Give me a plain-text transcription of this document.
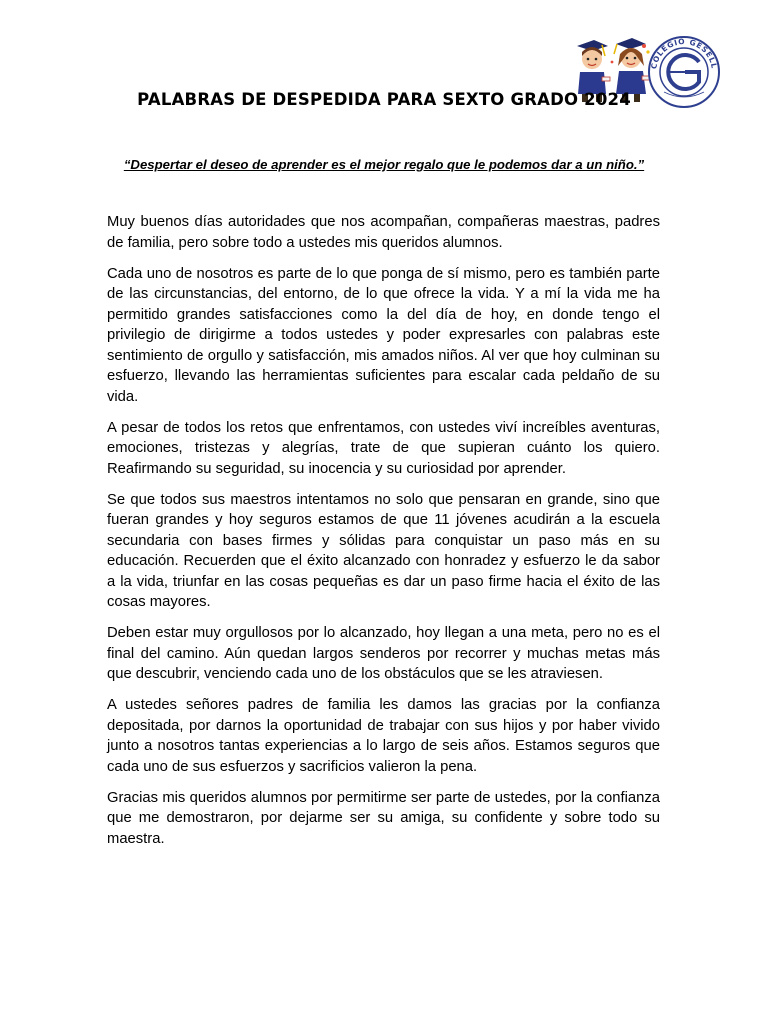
COLEGIO GESELL
PALABRAS DE DESPEDIDA PARA SEXTO GRADO 2024

“Despertar el deseo de aprender es el mejor regalo que le podemos dar a un niño.”

Muy buenos días autoridades que nos acompañan, compañeras maestras, padres de familia, pero sobre todo a ustedes mis queridos alumnos.

Cada uno de nosotros es parte de lo que ponga de sí mismo, pero es también parte de las circunstancias, del entorno, de lo que ofrece la vida. Y a mí la vida me ha permitido grandes satisfacciones como la del día de hoy, en donde tengo el privilegio de dirigirme a todos ustedes y poder expresarles con palabras este sentimiento de orgullo y satisfacción, mis amados niños. Al ver que hoy culminan su esfuerzo, llevando las herramientas suficientes para escalar cada peldaño de su vida.

A pesar de todos los retos que enfrentamos, con ustedes viví increíbles aventuras, emociones, tristezas y alegrías, trate de que supieran cuánto los quiero. Reafirmando su seguridad, su inocencia y su curiosidad por aprender.

Se que todos sus maestros intentamos no solo que pensaran en grande, sino que fueran grandes y hoy seguros estamos de que 11 jóvenes acudirán a la escuela secundaria con bases firmes y sólidas para conquistar un paso más en su educación. Recuerden que el éxito alcanzado con honradez y esfuerzo le da sabor a la vida, triunfar en las cosas pequeñas es dar un paso firme hacia el éxito de las cosas mayores.

Deben estar muy orgullosos por lo alcanzado, hoy llegan a una meta, pero no es el final del camino. Aún quedan largos senderos por recorrer y muchas metas más que descubrir, venciendo cada uno de los obstáculos que se les atraviesen.

A ustedes señores padres de familia les damos las gracias por la confianza depositada, por darnos la oportunidad de trabajar con sus hijos y por haber vivido junto a nosotros tantas experiencias a lo largo de seis años. Estamos seguros que cada uno de sus esfuerzos y sacrificios valieron la pena.

Gracias mis queridos alumnos por permitirme ser parte de ustedes, por la confianza que me demostraron, por dejarme ser su amiga, su confidente y sobre todo su maestra.
